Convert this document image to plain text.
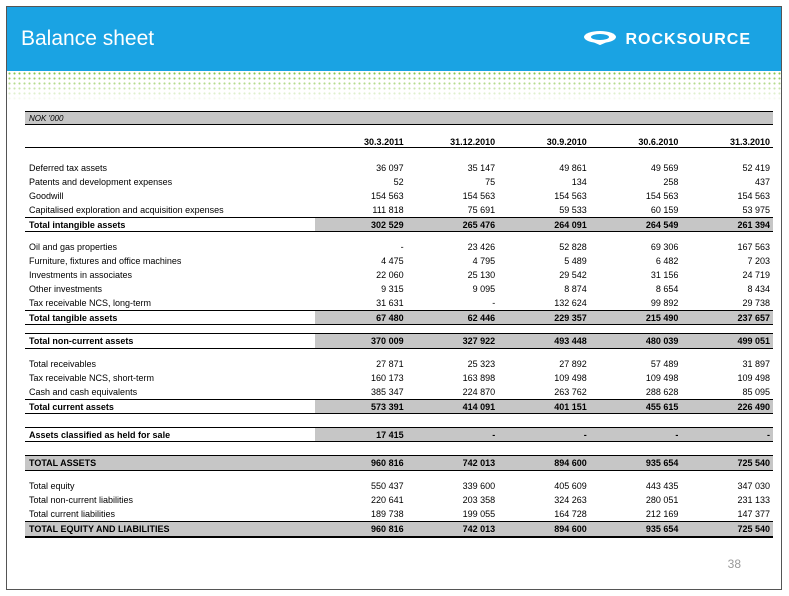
Balance sheet	ROCKSOURCE
NOK '000					
	30.3.2011	31.12.2010	30.9.2010	30.6.2010	31.3.2010

Deferred tax assets	36 097	35 147	49 861	49 569	52 419
Patents and development expenses	52	75	134	258	437
Goodwill	154 563	154 563	154 563	154 563	154 563
Capitalised exploration and acquisition expenses	111 818	75 691	59 533	60 159	53 975
Total intangible assets	302 529	265 476	264 091	264 549	261 394

Oil and gas properties	-	23 426	52 828	69 306	167 563
Furniture, fixtures and office machines	4 475	4 795	5 489	6 482	7 203
Investments in associates	22 060	25 130	29 542	31 156	24 719
Other investments	9 315	9 095	8 874	8 654	8 434
Tax receivable NCS, long-term	31 631	-	132 624	99 892	29 738
Total tangible assets	67 480	62 446	229 357	215 490	237 657

Total non-current assets	370 009	327 922	493 448	480 039	499 051

Total receivables	27 871	25 323	27 892	57 489	31 897
Tax receivable NCS, short-term	160 173	163 898	109 498	109 498	109 498
Cash and cash equivalents	385 347	224 870	263 762	288 628	85 095
Total current assets	573 391	414 091	401 151	455 615	226 490

Assets classified as held for sale	17 415	-	-	-	-

TOTAL ASSETS	960 816	742 013	894 600	935 654	725 540

Total equity	550 437	339 600	405 609	443 435	347 030
Total non-current liabilities	220 641	203 358	324 263	280 051	231 133
Total current liabilities	189 738	199 055	164 728	212 169	147 377
TOTAL EQUITY AND LIABILITIES	960 816	742 013	894 600	935 654	725 540
38
